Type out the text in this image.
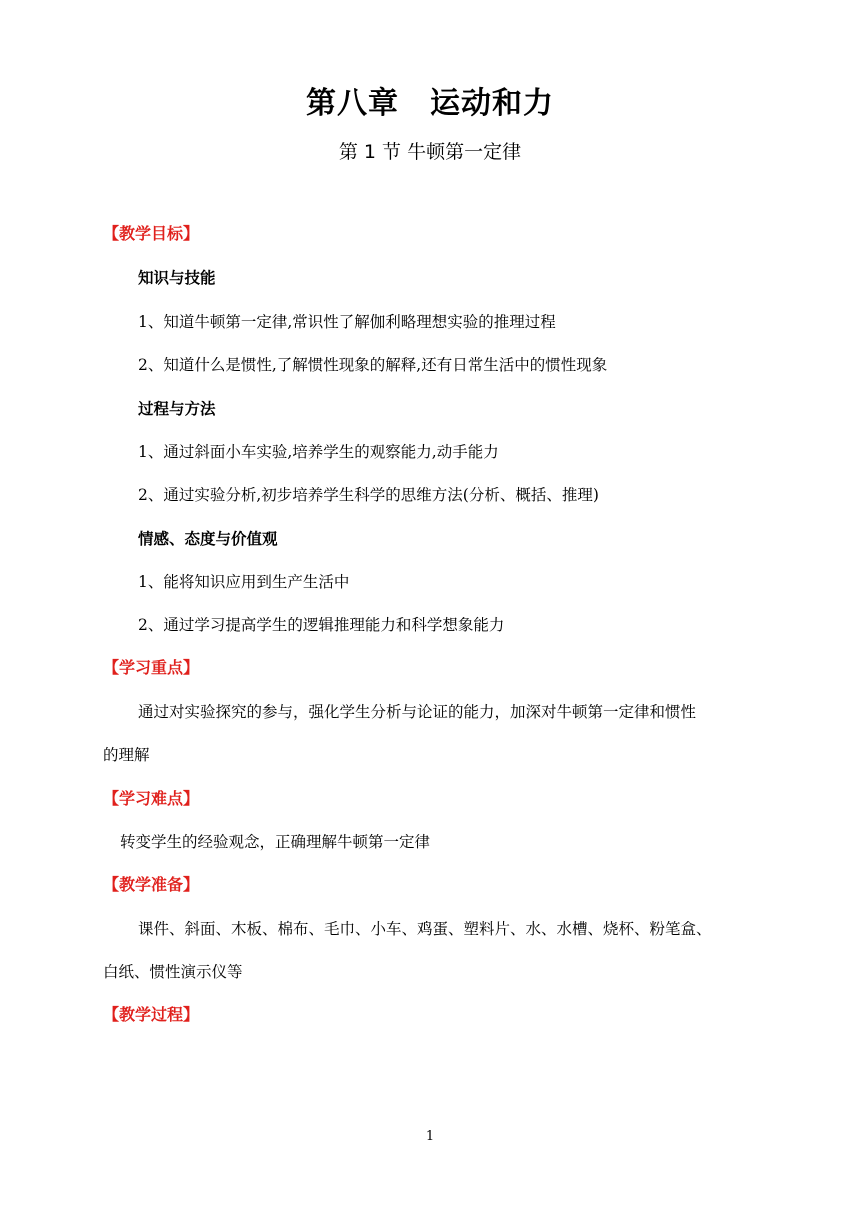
第八章　运动和力
第 1 节 牛顿第一定律
【教学目标】
知识与技能
1、知道牛顿第一定律,常识性了解伽利略理想实验的推理过程
2、知道什么是惯性,了解惯性现象的解释,还有日常生活中的惯性现象
过程与方法
1、通过斜面小车实验,培养学生的观察能力,动手能力
2、通过实验分析,初步培养学生科学的思维方法(分析、概括、推理)
情感、态度与价值观
1、能将知识应用到生产生活中
2、通过学习提高学生的逻辑推理能力和科学想象能力
【学习重点】
通过对实验探究的参与，强化学生分析与论证的能力，加深对牛顿第一定律和惯性
的理解
【学习难点】
转变学生的经验观念，正确理解牛顿第一定律
【教学准备】
课件、斜面、木板、棉布、毛巾、小车、鸡蛋、塑料片、水、水槽、烧杯、粉笔盒、
白纸、惯性演示仪等
【教学过程】
1
